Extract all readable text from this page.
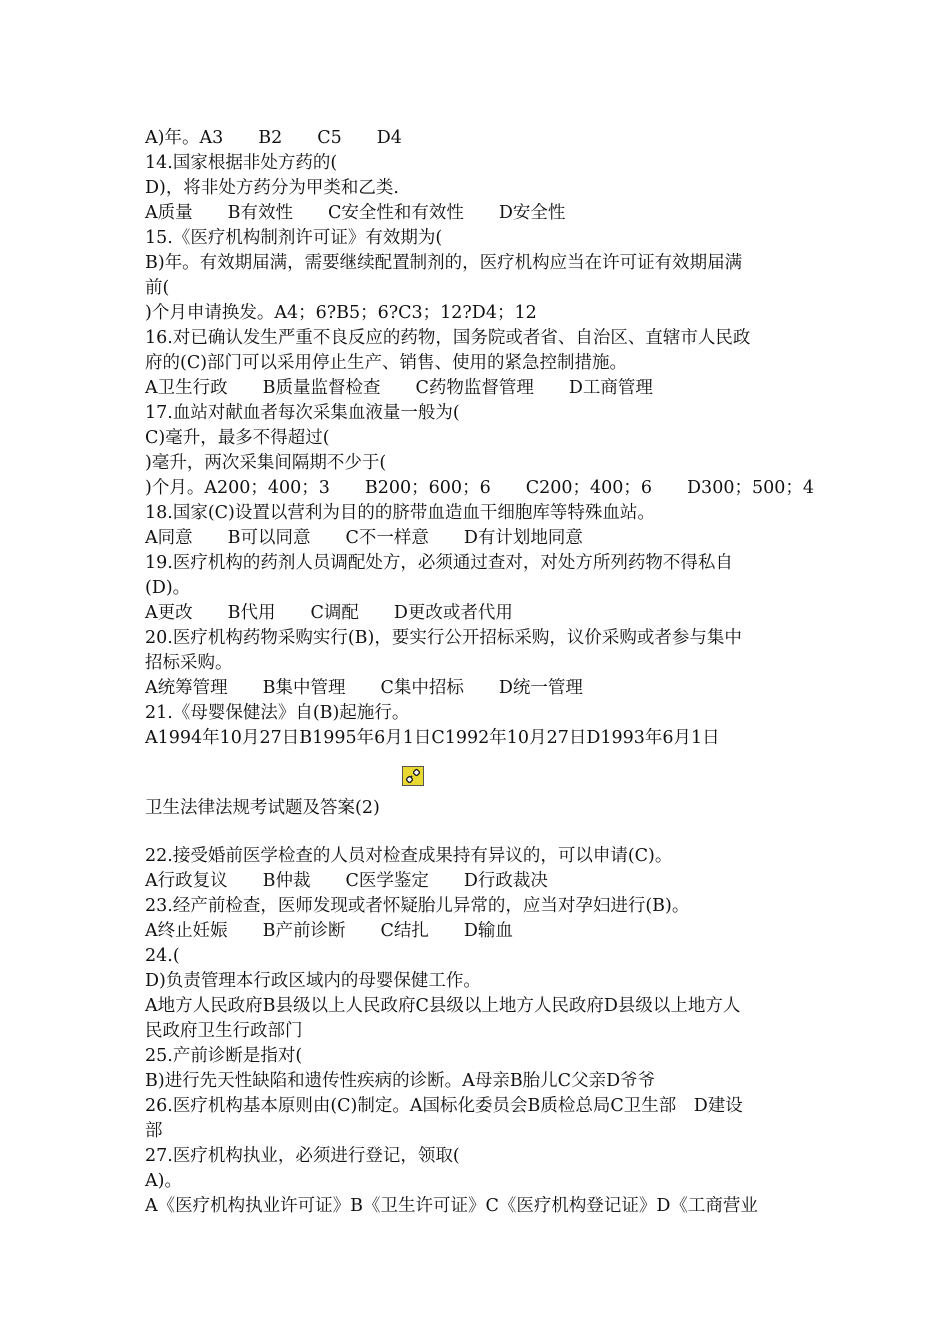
A)年。A3　　B2　　C5　　D4
14.国家根据非处方药的(
D)，将非处方药分为甲类和乙类.
A质量　　B有效性　　C安全性和有效性　　D安全性
15.《医疗机构制剂许可证》有效期为(
B)年。有效期届满，需要继续配置制剂的，医疗机构应当在许可证有效期届满
前(
)个月申请换发。A4；6?B5；6?C3；12?D4；12
16.对已确认发生严重不良反应的药物，国务院或者省、自治区、直辖市人民政
府的(C)部门可以采用停止生产、销售、使用的紧急控制措施。
A卫生行政　　B质量监督检查　　C药物监督管理　　D工商管理
17.血站对献血者每次采集血液量一般为(
C)毫升，最多不得超过(
)毫升，两次采集间隔期不少于(
)个月。A200；400；3　　B200；600；6　　C200；400；6　　D300；500；4
18.国家(C)设置以营利为目的的脐带血造血干细胞库等特殊血站。
A同意　　B可以同意　　C不一样意　　D有计划地同意
19.医疗机构的药剂人员调配处方，必须通过查对，对处方所列药物不得私自
(D)。
A更改　　B代用　　C调配　　D更改或者代用
20.医疗机构药物采购实行(B)，要实行公开招标采购，议价采购或者参与集中
招标采购。
A统筹管理　　B集中管理　　C集中招标　　D统一管理
21.《母婴保健法》自(B)起施行。
A1994年10月27日B1995年6月1日C1992年10月27日D1993年6月1日
卫生法律法规考试题及答案(2)
22.接受婚前医学检查的人员对检查成果持有异议的，可以申请(C)。
A行政复议　　B仲裁　　C医学鉴定　　D行政裁决
23.经产前检查，医师发现或者怀疑胎儿异常的，应当对孕妇进行(B)。
A终止妊娠　　B产前诊断　　C结扎　　D输血
24.(
D)负责管理本行政区域内的母婴保健工作。
A地方人民政府B县级以上人民政府C县级以上地方人民政府D县级以上地方人
民政府卫生行政部门
25.产前诊断是指对(
B)进行先天性缺陷和遗传性疾病的诊断。A母亲B胎儿C父亲D爷爷
26.医疗机构基本原则由(C)制定。A国标化委员会B质检总局C卫生部　D建设
部
27.医疗机构执业，必须进行登记，领取(
A)。
A《医疗机构执业许可证》B《卫生许可证》C《医疗机构登记证》D《工商营业
